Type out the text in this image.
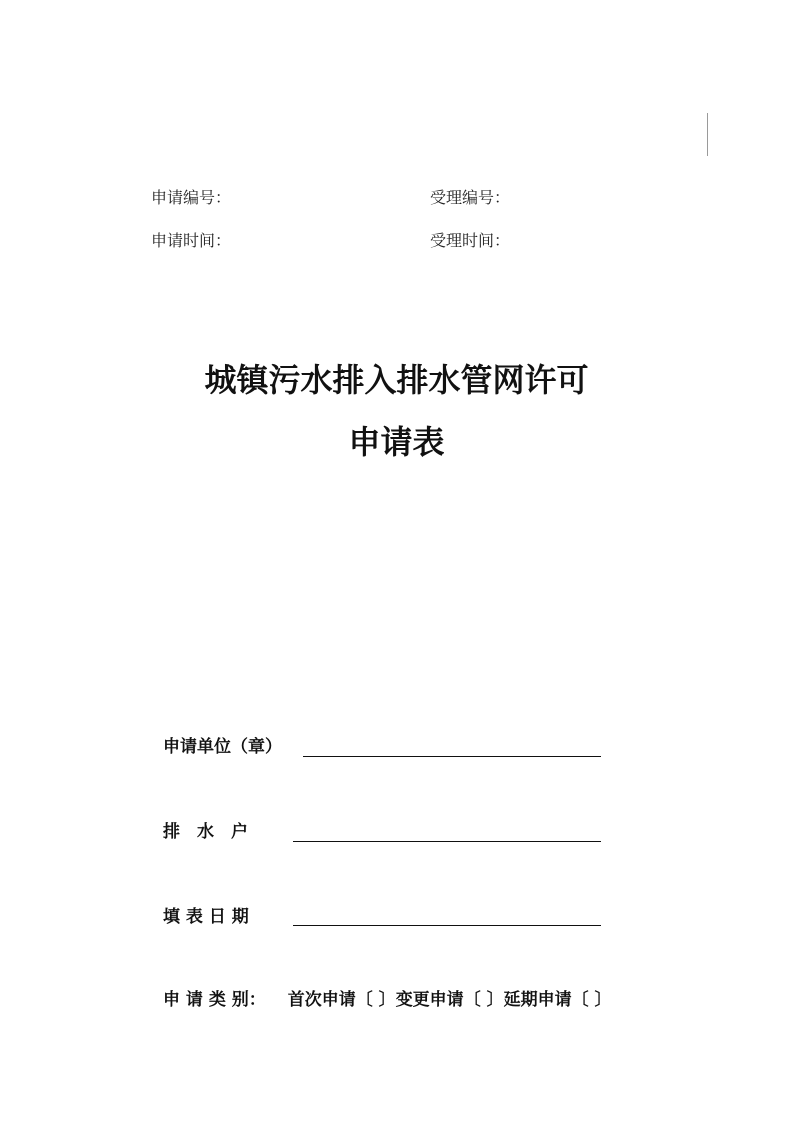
申请编号：	受理编号：
申请时间：	受理时间：
城镇污水排入排水管网许可
申请表
申请单位（章）
排　水　户
填 表 日 期
申 请 类 别： 首次申请 〔 〕 变更申请 〔 〕 延期申请 〔 〕
